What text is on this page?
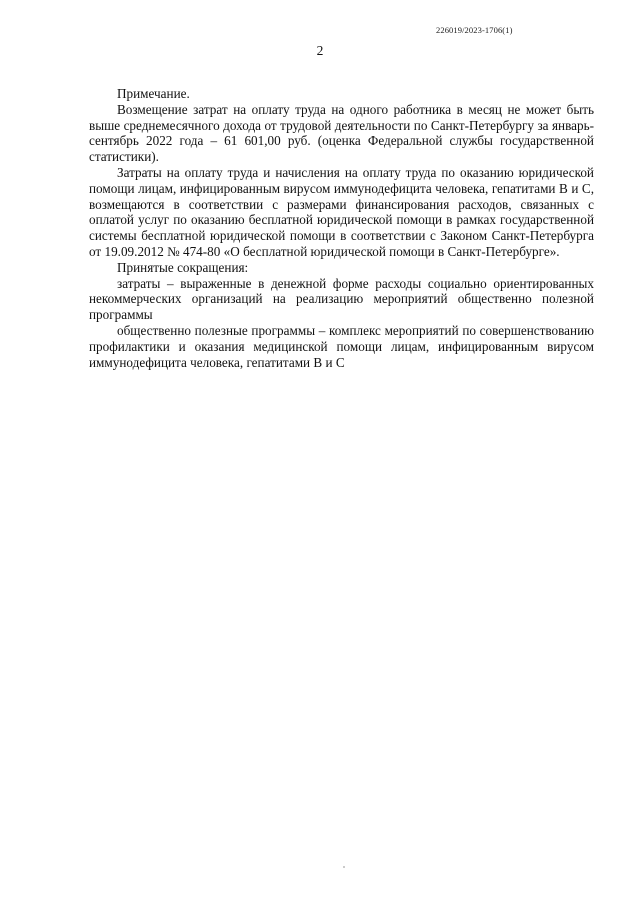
226019/2023-1706(1)
2

Примечание.

Возмещение затрат на оплату труда на одного работника в месяц не может быть выше среднемесячного дохода от трудовой деятельности по Санкт-Петербургу за январь-сентябрь 2022 года – 61 601,00 руб. (оценка Федеральной службы государственной статистики).

Затраты на оплату труда и начисления на оплату труда по оказанию юридической помощи лицам, инфицированным вирусом иммунодефицита человека, гепатитами В и С, возмещаются в соответствии с размерами финансирования расходов, связанных с оплатой услуг по оказанию бесплатной юридической помощи в рамках государственной системы бесплатной юридической помощи в соответствии с Законом Санкт-Петербурга от 19.09.2012 № 474-80 «О бесплатной юридической помощи в Санкт-Петербурге».

Принятые сокращения:

затраты – выраженные в денежной форме расходы социально ориентированных некоммерческих организаций на реализацию мероприятий общественно полезной программы

общественно полезные программы – комплекс мероприятий по совершенствованию профилактики и оказания медицинской помощи лицам, инфицированным вирусом иммунодефицита человека, гепатитами В и С
